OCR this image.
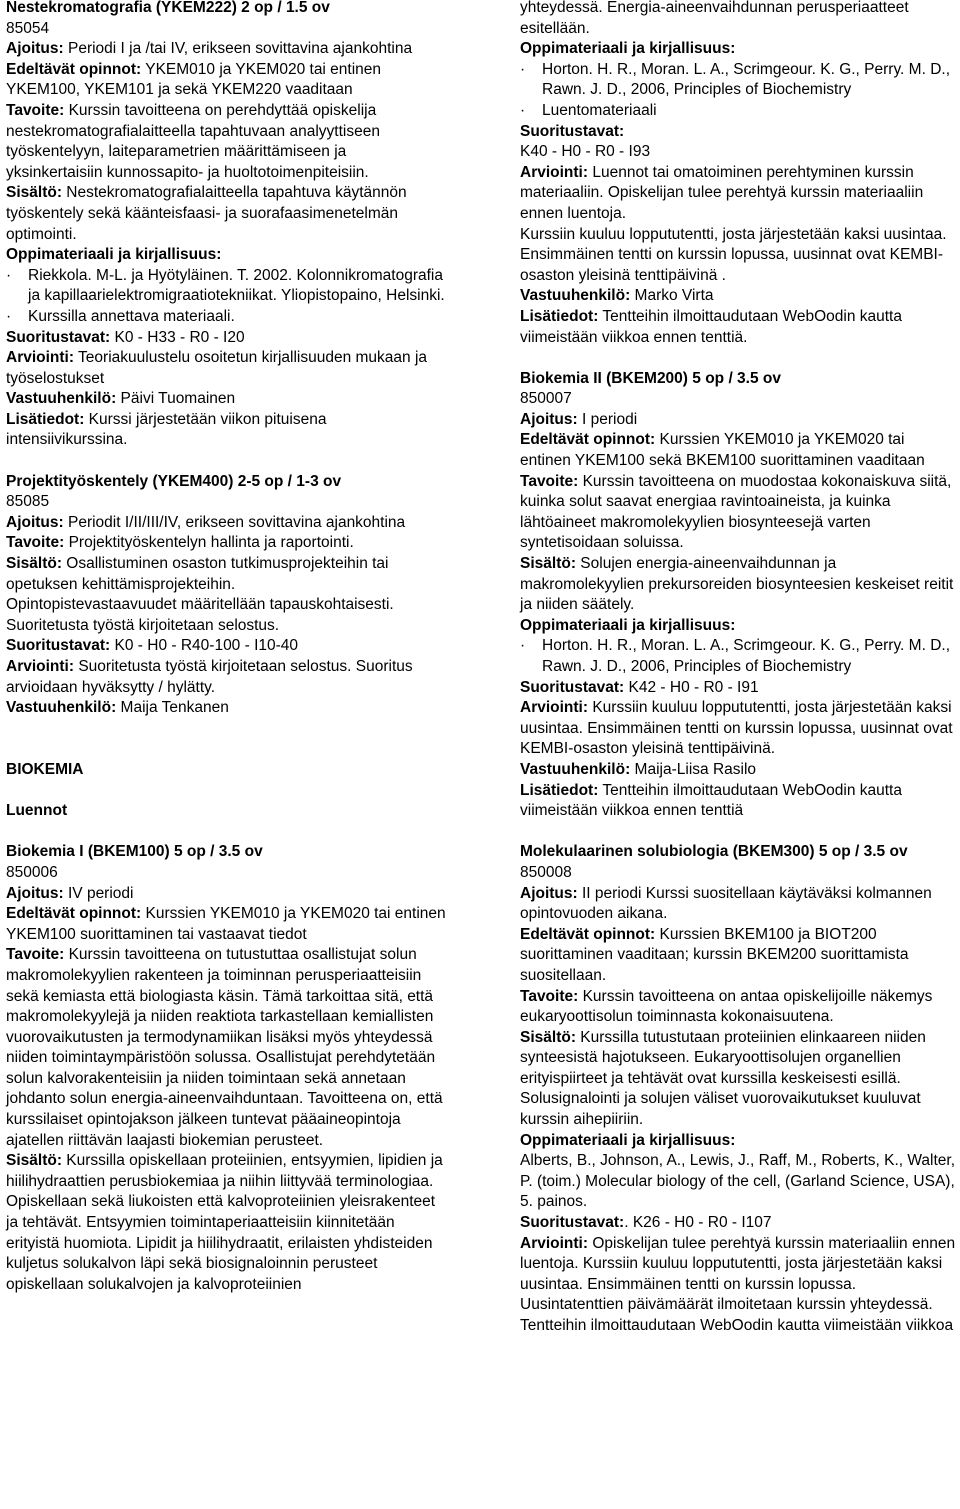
Nestekromatografia (YKEM222) 2 op / 1.5 ov

85054

Ajoitus: Periodi I ja /tai IV, erikseen sovittavina ajankohtina

Edeltävät opinnot: YKEM010 ja YKEM020 tai entinen YKEM100, YKEM101 ja sekä YKEM220 vaaditaan

Tavoite: Kurssin tavoitteena on perehdyttää opiskelija nestekromatografialaitteella tapahtuvaan analyyttiseen työskentelyyn, laiteparametrien määrittämiseen ja yksinkertaisiin kunnossapito- ja huoltotoimenpiteisiin.

Sisältö: Nestekromatografialaitteella tapahtuva käytännön työskentely sekä käänteisfaasi- ja suorafaasimenetelmän optimointi.

Oppimateriaali ja kirjallisuus:

·	Riekkola. M-L. ja Hyötyläinen. T. 2002. Kolonnikromatografia ja kapillaarielektromigraatiotekniikat. Yliopistopaino, Helsinki.
·	Kurssilla annettava materiaali.

Suoritustavat: K0 - H33 - R0 - I20

Arviointi: Teoriakuulustelu osoitetun kirjallisuuden mukaan ja työselostukset

Vastuuhenkilö: Päivi Tuomainen

Lisätiedot: Kurssi järjestetään viikon pituisena intensiivikurssina.

Projektityöskentely (YKEM400) 2-5 op / 1-3 ov

85085

Ajoitus: Periodit I/II/III/IV, erikseen sovittavina ajankohtina

Tavoite: Projektityöskentelyn hallinta ja raportointi.

Sisältö: Osallistuminen osaston tutkimusprojekteihin tai opetuksen kehittämisprojekteihin.

Opintopistevastaavuudet määritellään tapauskohtaisesti. Suoritetusta työstä kirjoitetaan selostus.

Suoritustavat: K0 - H0 - R40-100 - I10-40

Arviointi: Suoritetusta työstä kirjoitetaan selostus. Suoritus arvioidaan hyväksytty / hylätty.

Vastuuhenkilö: Maija Tenkanen

BIOKEMIA

Luennot

Biokemia I (BKEM100) 5 op / 3.5 ov

850006

Ajoitus: IV periodi

Edeltävät opinnot: Kurssien YKEM010 ja YKEM020 tai entinen YKEM100 suorittaminen tai vastaavat tiedot

Tavoite: Kurssin tavoitteena on tutustuttaa osallistujat solun makromolekyylien rakenteen ja toiminnan perusperiaatteisiin sekä kemiasta että biologiasta käsin. Tämä tarkoittaa sitä, että makromolekyylejä ja niiden reaktiota tarkastellaan kemiallisten vuorovaikutusten ja termodynamiikan lisäksi myös yhteydessä niiden toimintaympäristöön solussa. Osallistujat perehdytetään solun kalvorakenteisiin ja niiden toimintaan sekä annetaan johdanto solun energia-aineenvaihduntaan. Tavoitteena on, että kurssilaiset opintojakson jälkeen tuntevat pääaineopintoja ajatellen riittävän laajasti biokemian perusteet.

Sisältö: Kurssilla opiskellaan proteiinien, entsyymien, lipidien ja hiilihydraattien perusbiokemiaa ja niihin liittyvää terminologiaa. Opiskellaan sekä liukoisten että kalvoproteiinien yleisrakenteet ja tehtävät. Entsyymien toimintaperiaatteisiin kiinnitetään erityistä huomiota. Lipidit ja hiilihydraatit, erilaisten yhdisteiden kuljetus solukalvon läpi sekä biosignaloinnin perusteet opiskellaan solukalvojen ja kalvoproteiinien

yhteydessä. Energia-aineenvaihdunnan perusperiaatteet esitellään.

Oppimateriaali ja kirjallisuus:

·	Horton. H. R., Moran. L. A., Scrimgeour. K. G., Perry. M. D., Rawn. J. D., 2006, Principles of Biochemistry
·	Luentomateriaali

Suoritustavat:

K40 - H0 - R0 - I93

Arviointi: Luennot tai omatoiminen perehtyminen kurssin materiaaliin. Opiskelijan tulee perehtyä kurssin materiaaliin ennen luentoja.

Kurssiin kuuluu loppututentti, josta järjestetään kaksi uusintaa. Ensimmäinen tentti on kurssin lopussa, uusinnat ovat KEMBI-osaston yleisinä tenttipäivinä .

Vastuuhenkilö: Marko Virta

Lisätiedot: Tentteihin ilmoittaudutaan WebOodin kautta viimeistään viikkoa ennen tenttiä.

Biokemia II (BKEM200) 5 op / 3.5 ov

850007

Ajoitus: I periodi

Edeltävät opinnot: Kurssien YKEM010 ja YKEM020 tai entinen YKEM100 sekä BKEM100 suorittaminen vaaditaan

Tavoite: Kurssin tavoitteena on muodostaa kokonaiskuva siitä, kuinka solut saavat energiaa ravintoaineista, ja kuinka lähtöaineet makromolekyylien biosynteesejä varten syntetisoidaan soluissa.

Sisältö: Solujen energia-aineenvaihdunnan ja makromolekyylien prekursoreiden biosynteesien keskeiset reitit ja niiden säätely.

Oppimateriaali ja kirjallisuus:

·	Horton. H. R., Moran. L. A., Scrimgeour. K. G., Perry. M. D., Rawn. J. D., 2006, Principles of Biochemistry

Suoritustavat: K42 - H0 - R0 - I91

Arviointi: Kurssiin kuuluu loppututentti, josta järjestetään kaksi uusintaa. Ensimmäinen tentti on kurssin lopussa, uusinnat ovat KEMBI-osaston yleisinä tenttipäivinä.

Vastuuhenkilö: Maija-Liisa Rasilo

Lisätiedot: Tentteihin ilmoittaudutaan WebOodin kautta viimeistään viikkoa ennen tenttiä

Molekulaarinen solubiologia (BKEM300) 5 op / 3.5 ov

850008

Ajoitus: II periodi Kurssi suositellaan käytäväksi kolmannen opintovuoden aikana.

Edeltävät opinnot: Kurssien BKEM100 ja BIOT200 suorittaminen vaaditaan; kurssin BKEM200 suorittamista suositellaan.

Tavoite: Kurssin tavoitteena on antaa opiskelijoille näkemys eukaryoottisolun toiminnasta kokonaisuutena.

Sisältö: Kurssilla tutustutaan proteiinien elinkaareen niiden synteesistä hajotukseen. Eukaryoottisolujen organellien erityispiirteet ja tehtävät ovat kurssilla keskeisesti esillä. Solusignalointi ja solujen väliset vuorovaikutukset kuuluvat kurssin aihepiiriin.

Oppimateriaali ja kirjallisuus:

Alberts, B., Johnson, A., Lewis, J., Raff, M., Roberts, K., Walter, P. (toim.) Molecular biology of the cell, (Garland Science, USA), 5. painos.

Suoritustavat:. K26 - H0 - R0 - I107

Arviointi: Opiskelijan tulee perehtyä kurssin materiaaliin ennen luentoja. Kurssiin kuuluu loppututentti, josta järjestetään kaksi uusintaa. Ensimmäinen tentti on kurssin lopussa. Uusintatenttien päivämäärät ilmoitetaan kurssin yhteydessä. Tentteihin ilmoittaudutaan WebOodin kautta viimeistään viikkoa
